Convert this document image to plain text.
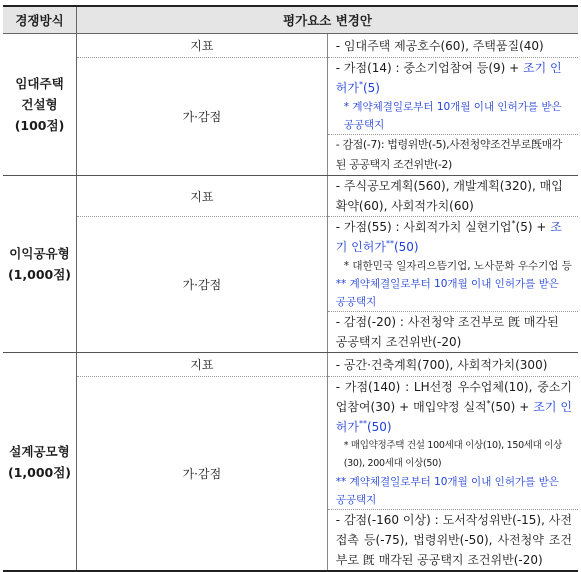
경쟁방식	평가요소 변경안	

임대주택
건설형
(100점)	지표	- 임대주택 제공호수(60), 주택품질(40)
	가·감점	- 가점(14) : 중소기업참여 등(9) + 조기 인허가*(5)
* 계약체결일로부터 10개월 이내 인허가를 받은 공공택지

		- 감점(-7): 법령위반(-5),사전청약조건부로旣매각된 공공택지 조건위반(-2)

이익공유형
(1,000점)	지표	- 주식공모계획(560), 개발계획(320), 매입확약(60), 사회적가치(60)
	가·감점	- 가점(55) : 사회적가치 실현기업*(5) + 조기 인허가**(50)
* 대한민국 일자리으뜸기업, 노사문화 우수기업 등
** 계약체결일로부터 10개월 이내 인허가를 받은 공공택지

		- 감점(-20) : 사전청약 조건부로 旣 매각된 공공택지 조건위반(-20)

설계공모형
(1,000점)	지표	- 공간·건축계획(700), 사회적가치(300)
	가·감점	- 가점(140) : LH선정 우수업체(10), 중소기업참여(30) + 매입약정 실적*(50) + 조기 인허가**(50)
* 매입약정주택 건설 100세대 이상(10), 150세대 이상(30), 200세대 이상(50)
** 계약체결일로부터 10개월 이내 인허가를 받은 공공택지

		- 감점(-160 이상) : 도서작성위반(-15), 사전접촉 등(-75), 법령위반(-50), 사전청약 조건부로 旣 매각된 공공택지 조건위반(-20)
